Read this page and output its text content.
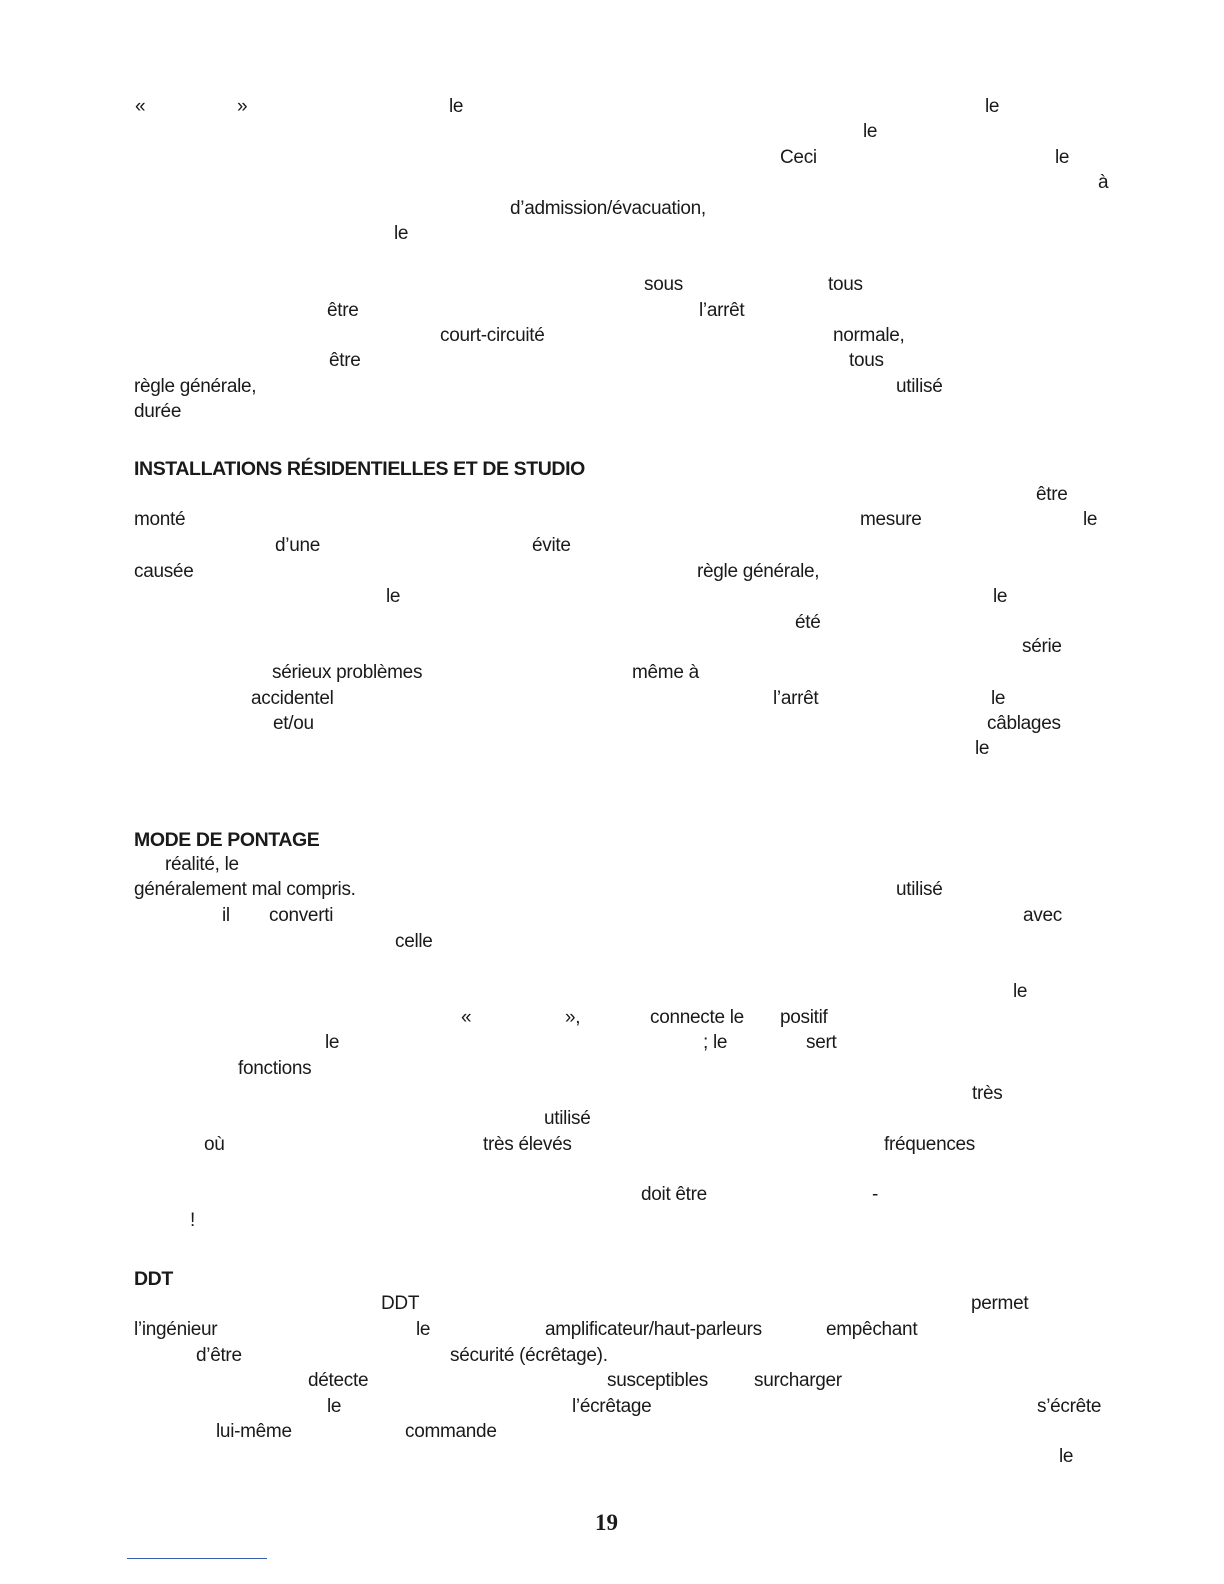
«	»	le	le
le
Ceci	le
à
d’admission/évacuation,
le
sous	tous
être	l’arrêt
court-circuité	normale,
être	tous
règle générale,	utilisé
durée
INSTALLATIONS RÉSIDENTIELLES ET DE STUDIO
être
monté	mesure	le
d’une	évite
causée	règle générale,
le	le
été
série
sérieux problèmes	même à
accidentel	l’arrêt	le
et/ou	câblages
le
MODE DE PONTAGE
réalité, le
généralement mal compris.	utilisé
il converti	avec
celle
le
«	»,	connecte le positif
le	; le	sert
fonctions
très
utilisé
où	très élevés	fréquences
doit être	-
!
DDT
DDT	permet
l’ingénieur	le	amplificateur/haut-parleurs	empêchant
d’être	sécurité (écrêtage).
détecte	susceptibles surcharger
le	l’écrêtage	s’écrête
lui-même	commande
le
19
